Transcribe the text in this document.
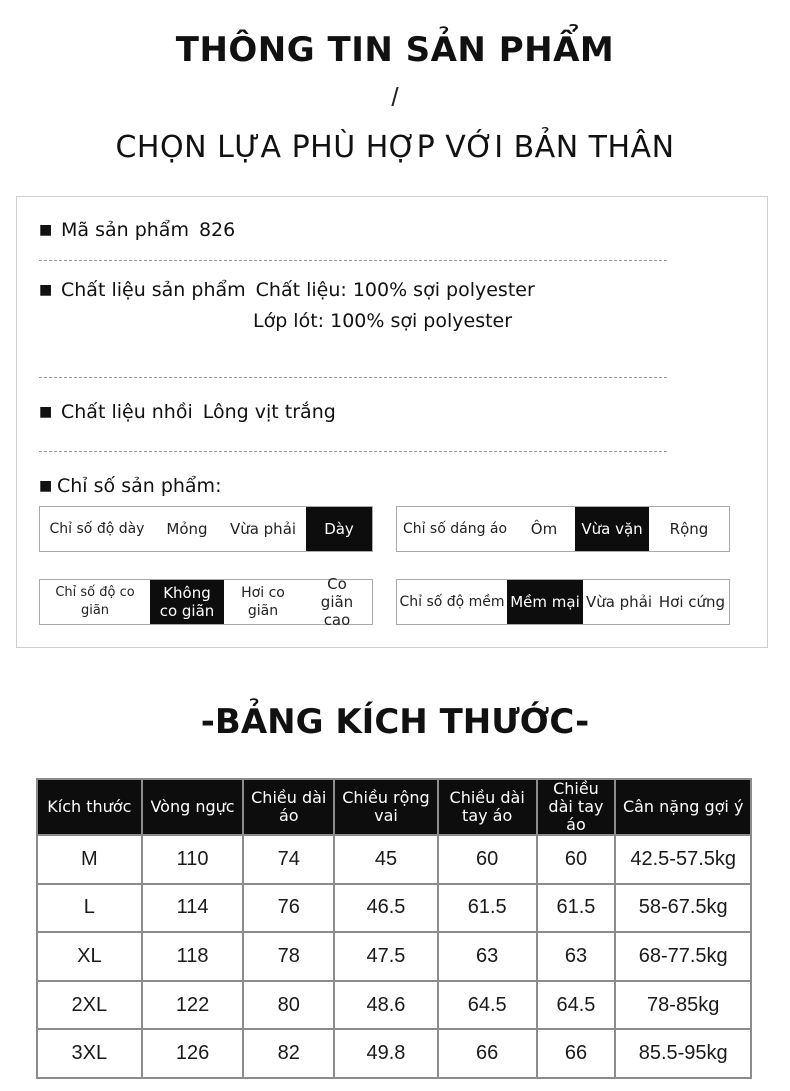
THÔNG TIN SẢN PHẨM
/
CHỌN LỰA PHÙ HỢP VỚI BẢN THÂN
■ Mã sản phẩm 826
■ Chất liệu sản phẩm Chất liệu: 100% sợi polyester
Lớp lót: 100% sợi polyester
■ Chất liệu nhồi Lông vịt trắng
■ Chỉ số sản phẩm:
Chỉ số độ dày	Mỏng	Vừa phải	Dày	Chỉ số dáng áo	Ôm	Vừa vặn	Rộng
Chỉ số độ co giãn
Không co giãn
Hơi co giãn
Co giãn cao
Chỉ số độ mềm Mềm mại Vừa phải Hơi cứng
-BẢNG KÍCH THƯỚC-
Kích thước	Vòng ngực	Chiều dài áo	Chiều rộng vai	Chiều dài tay áo	Chiều dài tay áo	Cân nặng gợi ý
M	110	74	45	60	60	42.5-57.5kg
L	114	76	46.5	61.5	61.5	58-67.5kg
XL	118	78	47.5	63	63	68-77.5kg
2XL	122	80	48.6	64.5	64.5	78-85kg
3XL	126	82	49.8	66	66	85.5-95kg
